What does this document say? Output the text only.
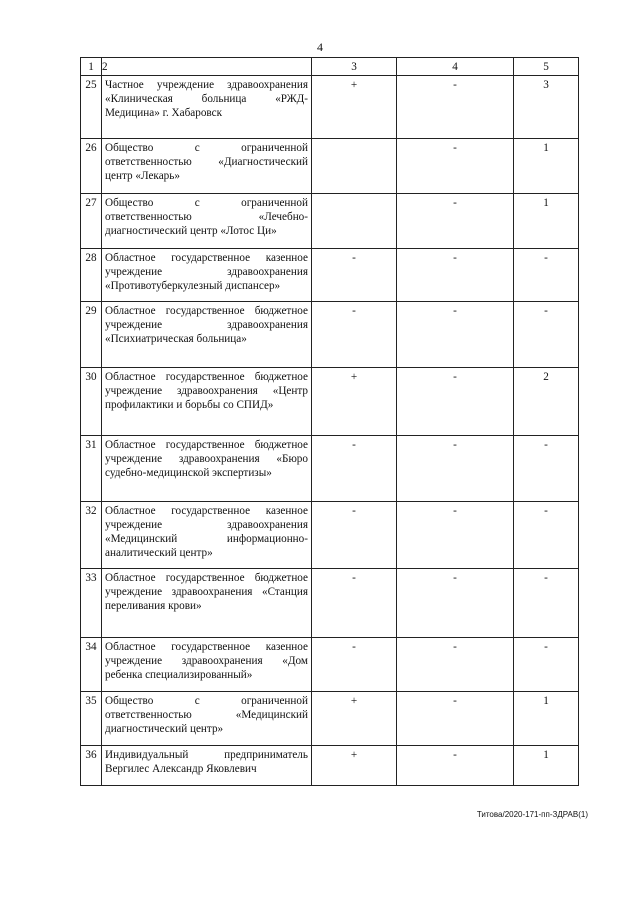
4
1	2	3	4	5
25	Частное учреждение здравоохранения «Клиническая больница «РЖД-Медицина» г. Хабаровск	+	-	3
26	Общество с ограниченной ответственностью «Диагностический центр «Лекарь»		-	1
27	Общество с ограниченной ответственностью «Лечебно-диагностический центр «Лотос Ци»		-	1
28	Областное государственное казенное учреждение здравоохранения «Противотуберкулезный диспансер»	-	-	-
29	Областное государственное бюджетное учреждение здравоохранения «Психиатрическая больница»	-	-	-
30	Областное государственное бюджетное учреждение здравоохранения «Центр профилактики и борьбы со СПИД»	+	-	2
31	Областное государственное бюджетное учреждение здравоохранения «Бюро судебно-медицинской экспертизы»	-	-	-
32	Областное государственное казенное учреждение здравоохранения «Медицинский информационно-аналитический центр»	-	-	-
33	Областное государственное бюджетное учреждение здравоохранения «Станция переливания крови»	-	-	-
34	Областное государственное казенное учреждение здравоохранения «Дом ребенка специализированный»	-	-	-
35	Общество с ограниченной ответственностью «Медицинский диагностический центр»	+	-	1
36	Индивидуальный предприниматель Вергилес Александр Яковлевич	+	-	1
Титова/2020-171-пп-ЗДРАВ(1)
